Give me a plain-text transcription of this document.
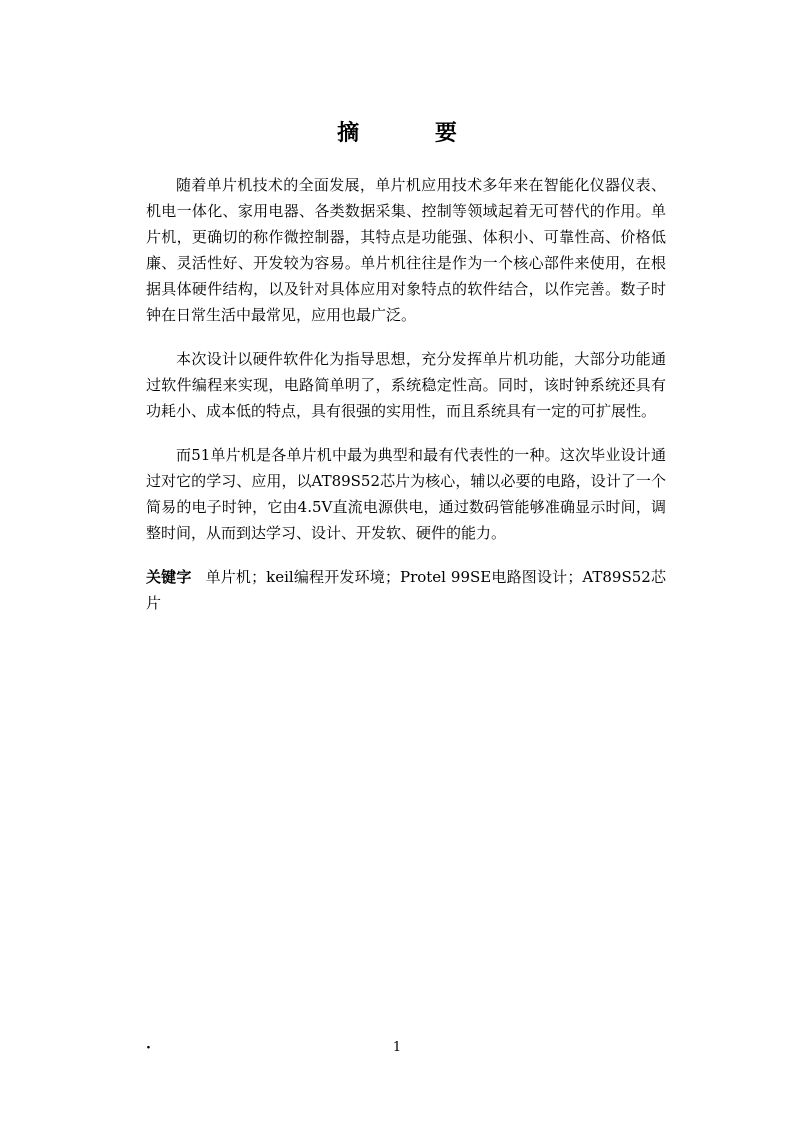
摘 要

随着单片机技术的全面发展，单片机应用技术多年来在智能化仪器仪表、机电一体化、家用电器、各类数据采集、控制等领域起着无可替代的作用。单片机，更确切的称作微控制器，其特点是功能强、体积小、可靠性高、价格低廉、灵活性好、开发较为容易。单片机往往是作为一个核心部件来使用，在根据具体硬件结构，以及针对具体应用对象特点的软件结合，以作完善。数子时钟在日常生活中最常见，应用也最广泛。

本次设计以硬件软件化为指导思想，充分发挥单片机功能，大部分功能通过软件编程来实现，电路简单明了，系统稳定性高。同时，该时钟系统还具有功耗小、成本低的特点，具有很强的实用性，而且系统具有一定的可扩展性。

而51单片机是各单片机中最为典型和最有代表性的一种。这次毕业设计通过对它的学习、应用，以AT89S52芯片为核心，辅以必要的电路，设计了一个简易的电子时钟，它由4.5V直流电源供电，通过数码管能够准确显示时间，调整时间，从而到达学习、设计、开发软、硬件的能力。

关键字 单片机；keil编程开发环境；Protel 99SE电路图设计；AT89S52芯片

·	1
